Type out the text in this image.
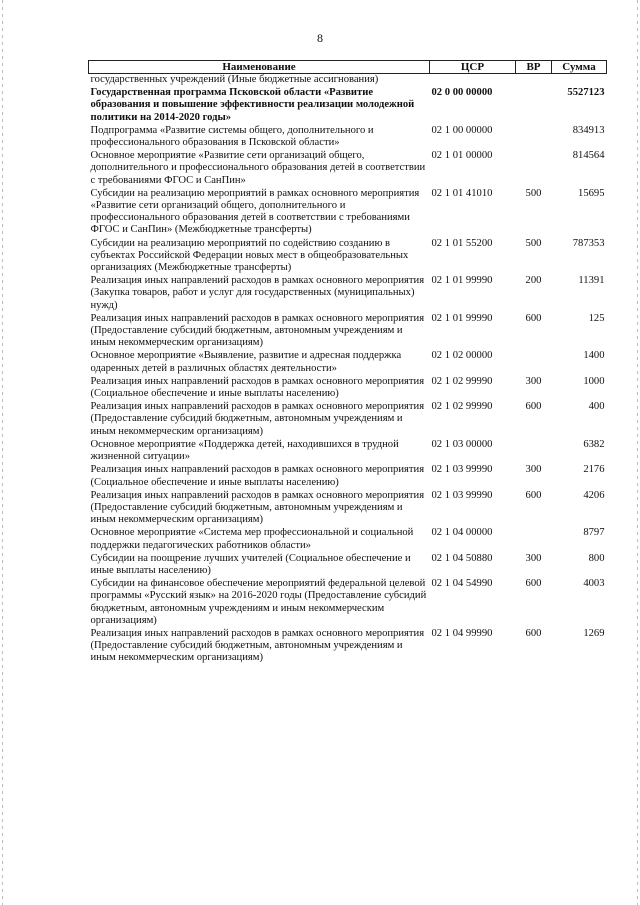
8
Наименование	ЦСР	ВР	Сумма
государственных учреждений (Иные бюджетные ассигнования)			
Государственная программа Псковской области «Развитие образования и повышение эффективности реализации молодежной политики на 2014-2020 годы»	02 0 00 00000		5527123
Подпрограмма «Развитие системы общего, дополнительного и профессионального образования в Псковской области»	02 1 00 00000		834913
Основное мероприятие «Развитие сети организаций общего, дополнительного и профессионального образования детей в соответствии с требованиями ФГОС и СанПин»	02 1 01 00000		814564
Субсидии на реализацию мероприятий в рамках основного мероприятия «Развитие сети организаций общего, дополнительного и профессионального образования детей в соответствии с требованиями ФГОС и СанПин» (Межбюджетные трансферты)	02 1 01 41010	500	15695
Субсидии на реализацию мероприятий по содействию созданию в субъектах Российской Федерации новых мест в общеобразовательных организациях (Межбюджетные трансферты)	02 1 01 55200	500	787353
Реализация иных направлений расходов в рамках основного мероприятия (Закупка товаров, работ и услуг для государственных (муниципальных) нужд)	02 1 01 99990	200	11391
Реализация иных направлений расходов в рамках основного мероприятия (Предоставление субсидий бюджетным, автономным учреждениям и иным некоммерческим организациям)	02 1 01 99990	600	125
Основное мероприятие «Выявление, развитие и адресная поддержка одаренных детей в различных областях деятельности»	02 1 02 00000		1400
Реализация иных направлений расходов в рамках основного мероприятия (Социальное обеспечение и иные выплаты населению)	02 1 02 99990	300	1000
Реализация иных направлений расходов в рамках основного мероприятия (Предоставление субсидий бюджетным, автономным учреждениям и иным некоммерческим организациям)	02 1 02 99990	600	400
Основное мероприятие «Поддержка детей, находившихся в трудной жизненной ситуации»	02 1 03 00000		6382
Реализация иных направлений расходов в рамках основного мероприятия (Социальное обеспечение и иные выплаты населению)	02 1 03 99990	300	2176
Реализация иных направлений расходов в рамках основного мероприятия (Предоставление субсидий бюджетным, автономным учреждениям и иным некоммерческим организациям)	02 1 03 99990	600	4206
Основное мероприятие «Система мер профессиональной и социальной поддержки педагогических работников области»	02 1 04 00000		8797
Субсидии на поощрение лучших учителей (Социальное обеспечение и иные выплаты населению)	02 1 04 50880	300	800
Субсидии на финансовое обеспечение мероприятий федеральной целевой программы «Русский язык» на 2016-2020 годы (Предоставление субсидий бюджетным, автономным учреждениям и иным некоммерческим организациям)	02 1 04 54990	600	4003
Реализация иных направлений расходов в рамках основного мероприятия (Предоставление субсидий бюджетным, автономным учреждениям и иным некоммерческим организациям)	02 1 04 99990	600	1269
